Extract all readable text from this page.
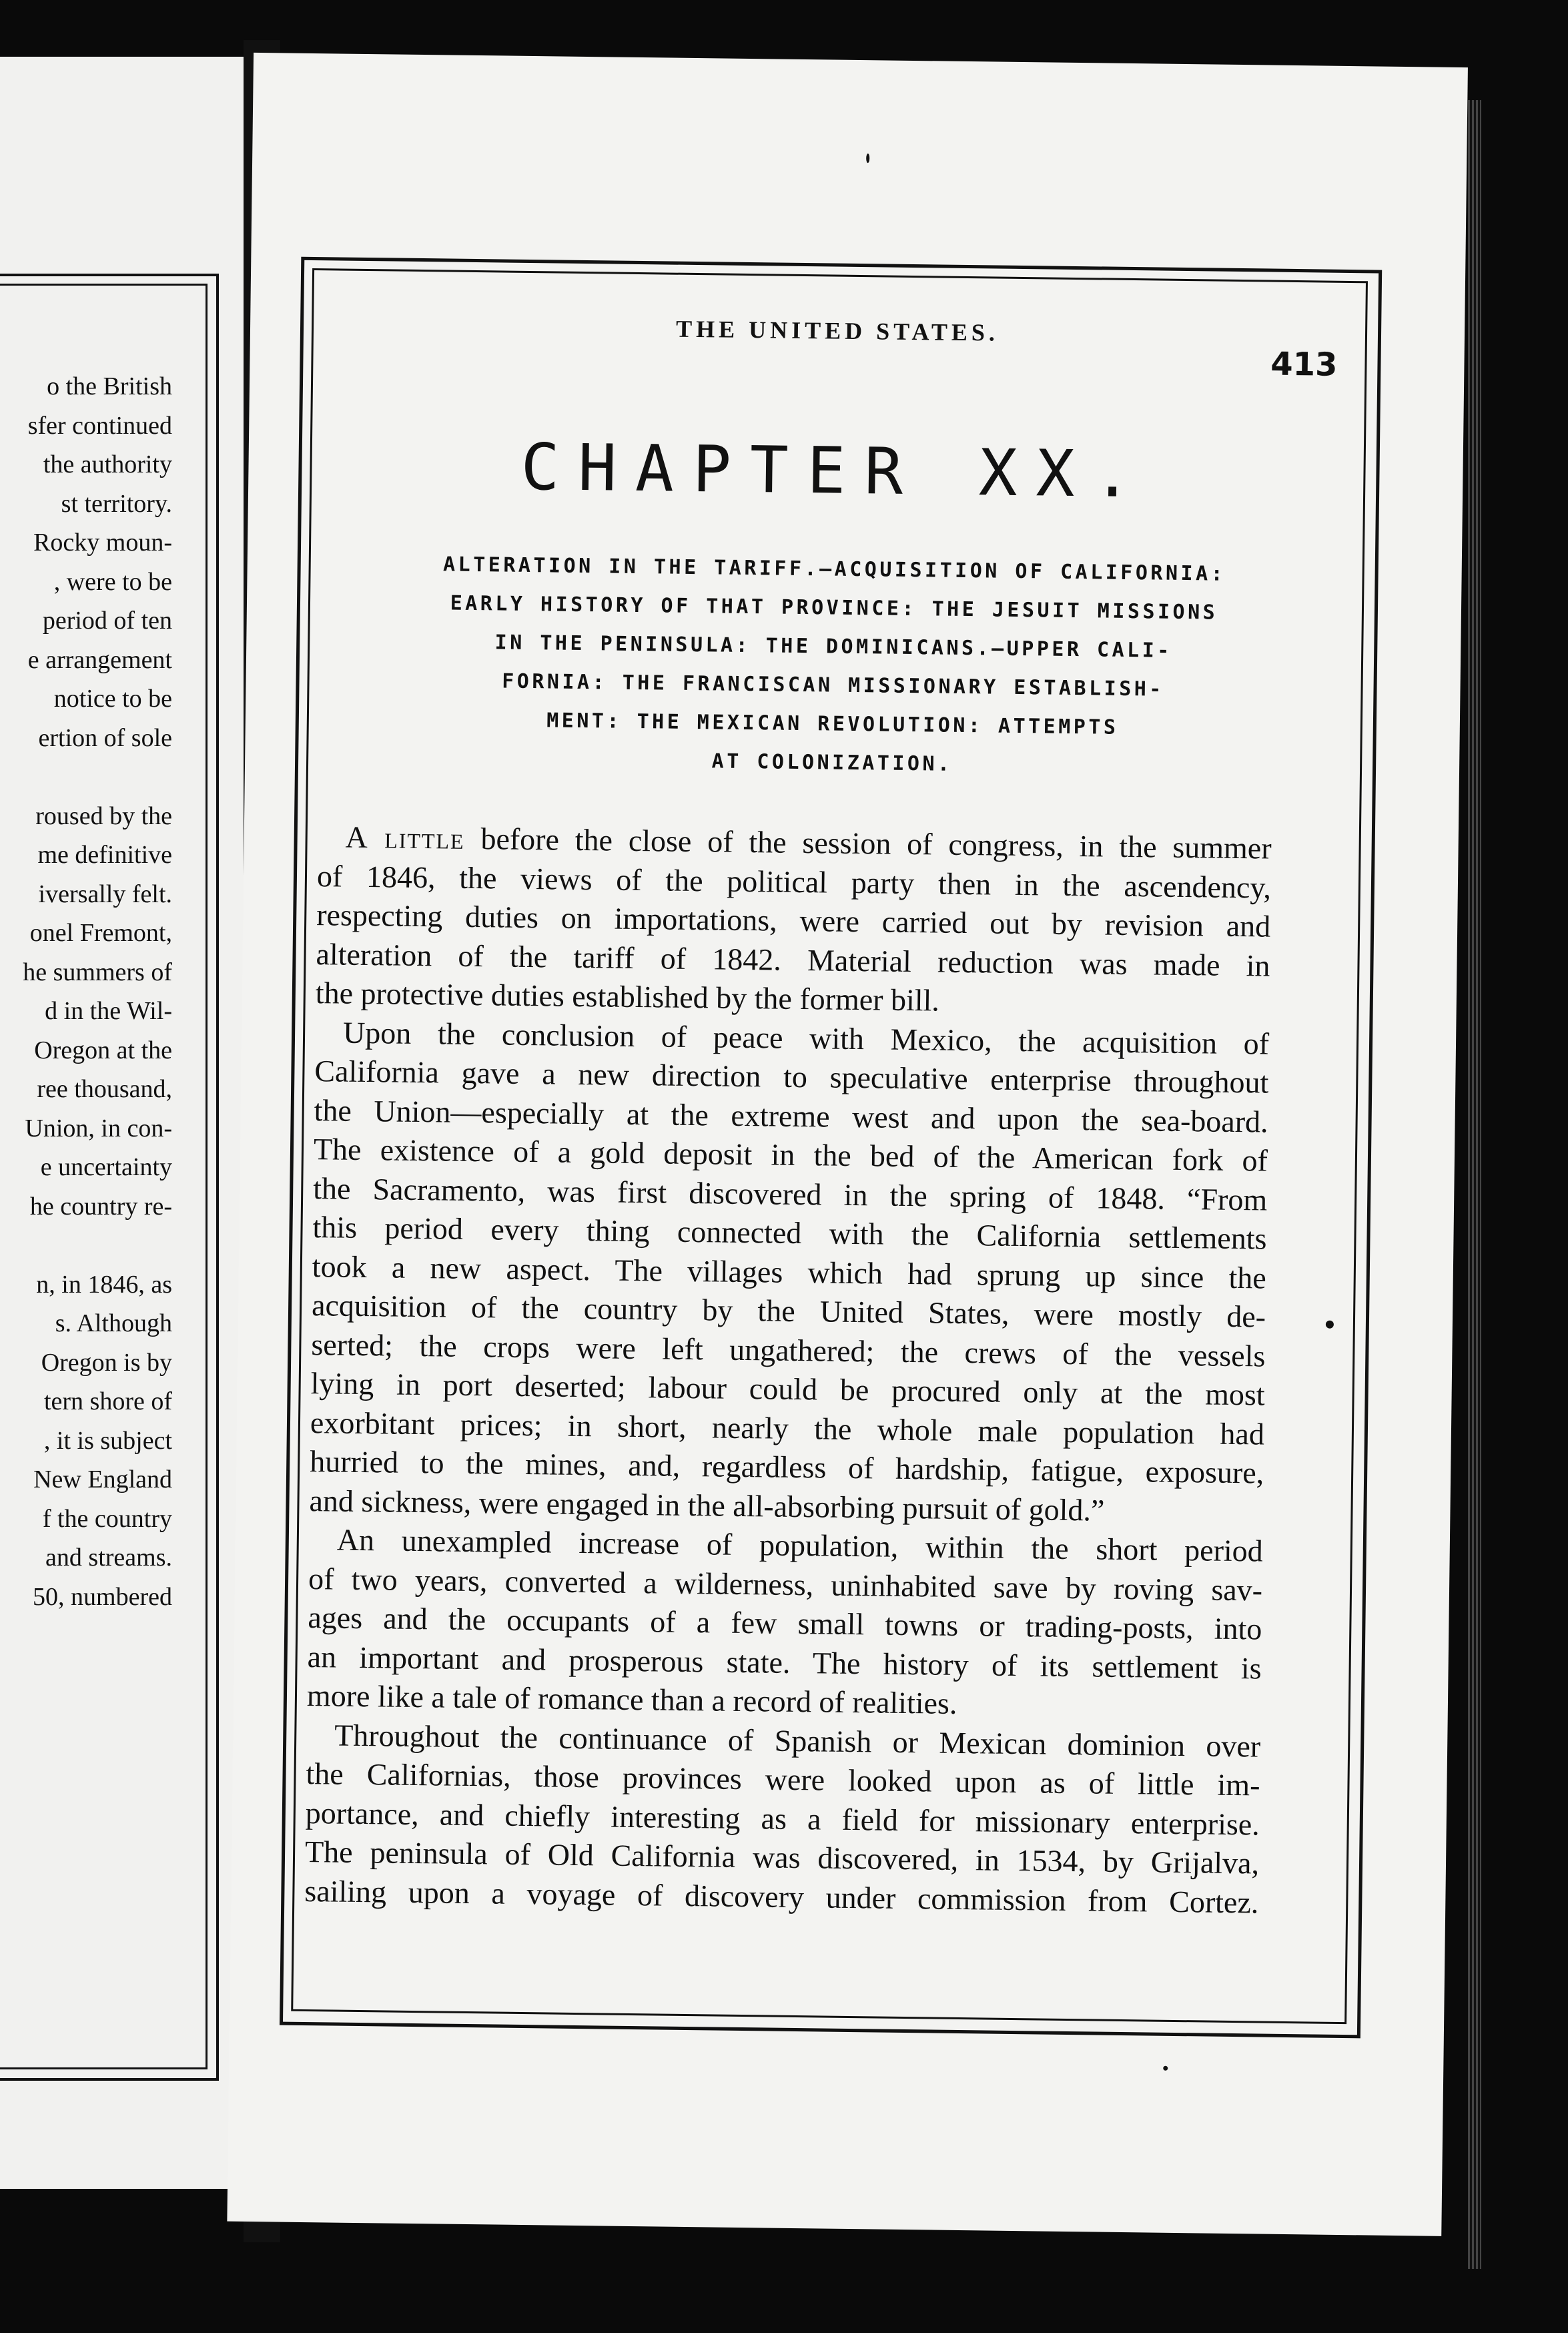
o the British
sfer continued
the authority
st territory.
Rocky moun-
, were to be
period of ten
e arrangement
notice to be
ertion of sole
roused by the
me definitive
iversally felt.
onel Fremont,
he summers of
d in the Wil-
Oregon at the
ree thousand,
Union, in con-
e uncertainty
he country re-
n, in 1846, as
s. Although
Oregon is by
tern shore of
, it is subject
New England
f the country
and streams.
50, numbered
THE UNITED STATES.
413
CHAPTER XX.
ALTERATION IN THE TARIFF.—ACQUISITION OF CALIFORNIA:
EARLY HISTORY OF THAT PROVINCE: THE JESUIT MISSIONS
IN THE PENINSULA: THE DOMINICANS.—UPPER CALI-
FORNIA: THE FRANCISCAN MISSIONARY ESTABLISH-
MENT: THE MEXICAN REVOLUTION: ATTEMPTS
AT COLONIZATION.
A little before the close of the session of congress, in the summer
of 1846, the views of the political party then in the ascendency,
respecting duties on importations, were carried out by revision and
alteration of the tariff of 1842. Material reduction was made in
the protective duties established by the former bill.
Upon the conclusion of peace with Mexico, the acquisition of
California gave a new direction to speculative enterprise throughout
the Union—especially at the extreme west and upon the sea-board.
The existence of a gold deposit in the bed of the American fork of
the Sacramento, was first discovered in the spring of 1848. “From
this period every thing connected with the California settlements
took a new aspect. The villages which had sprung up since the
acquisition of the country by the United States, were mostly de-
serted; the crops were left ungathered; the crews of the vessels
lying in port deserted; labour could be procured only at the most
exorbitant prices; in short, nearly the whole male population had
hurried to the mines, and, regardless of hardship, fatigue, exposure,
and sickness, were engaged in the all-absorbing pursuit of gold.”
An unexampled increase of population, within the short period
of two years, converted a wilderness, uninhabited save by roving sav-
ages and the occupants of a few small towns or trading-posts, into
an important and prosperous state. The history of its settlement is
more like a tale of romance than a record of realities.
Throughout the continuance of Spanish or Mexican dominion over
the Californias, those provinces were looked upon as of little im-
portance, and chiefly interesting as a field for missionary enterprise.
The peninsula of Old California was discovered, in 1534, by Grijalva,
sailing upon a voyage of discovery under commission from Cortez.
